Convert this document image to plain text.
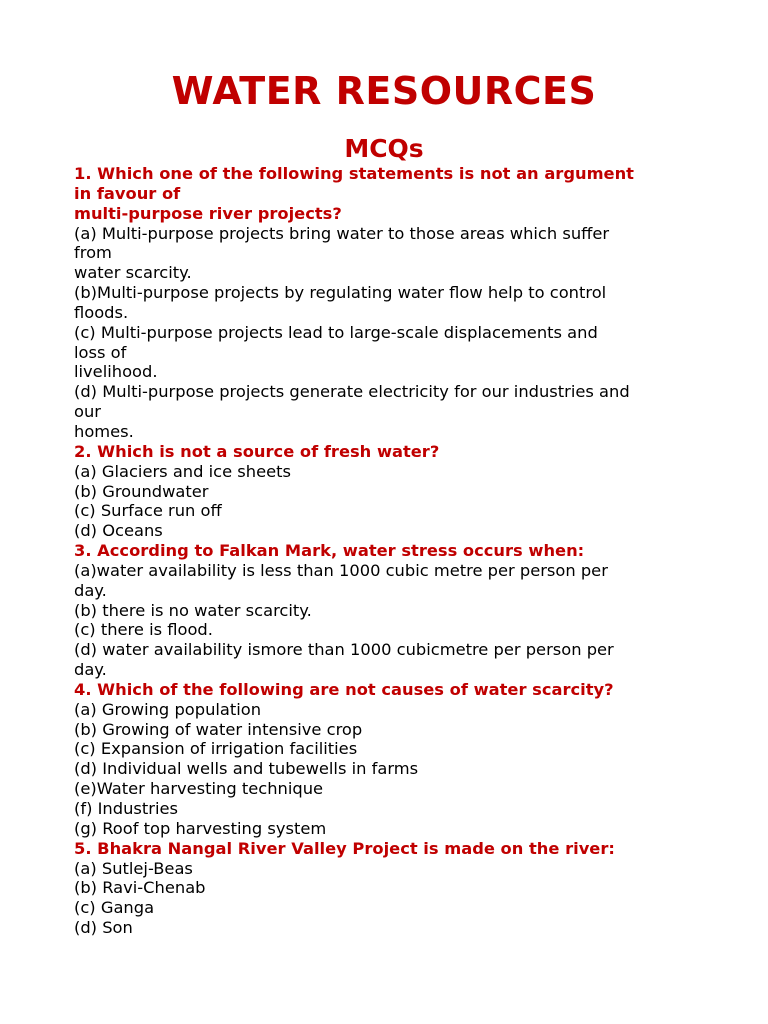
WATER RESOURCES
MCQs
1. Which one of the following statements is not an argument
in favour of
multi-purpose river projects?
(a) Multi-purpose projects bring water to those areas which suffer
from
water scarcity.
(b)Multi-purpose projects by regulating water flow help to control
floods.
(c) Multi-purpose projects lead to large-scale displacements and
loss of
livelihood.
(d) Multi-purpose projects generate electricity for our industries and
our
homes.
2. Which is not a source of fresh water?
(a) Glaciers and ice sheets
(b) Groundwater
(c) Surface run off
(d) Oceans
3. According to Falkan Mark, water stress occurs when:
(a)water availability is less than 1000 cubic metre per person per
day.
(b) there is no water scarcity.
(c) there is flood.
(d) water availability ismore than 1000 cubicmetre per person per
day.
4. Which of the following are not causes of water scarcity?
(a) Growing population
(b) Growing of water intensive crop
(c) Expansion of irrigation facilities
(d) Individual wells and tubewells in farms
(e)Water harvesting technique
(f) Industries
(g) Roof top harvesting system
5. Bhakra Nangal River Valley Project is made on the river:
(a) Sutlej-Beas
(b) Ravi-Chenab
(c) Ganga
(d) Son
